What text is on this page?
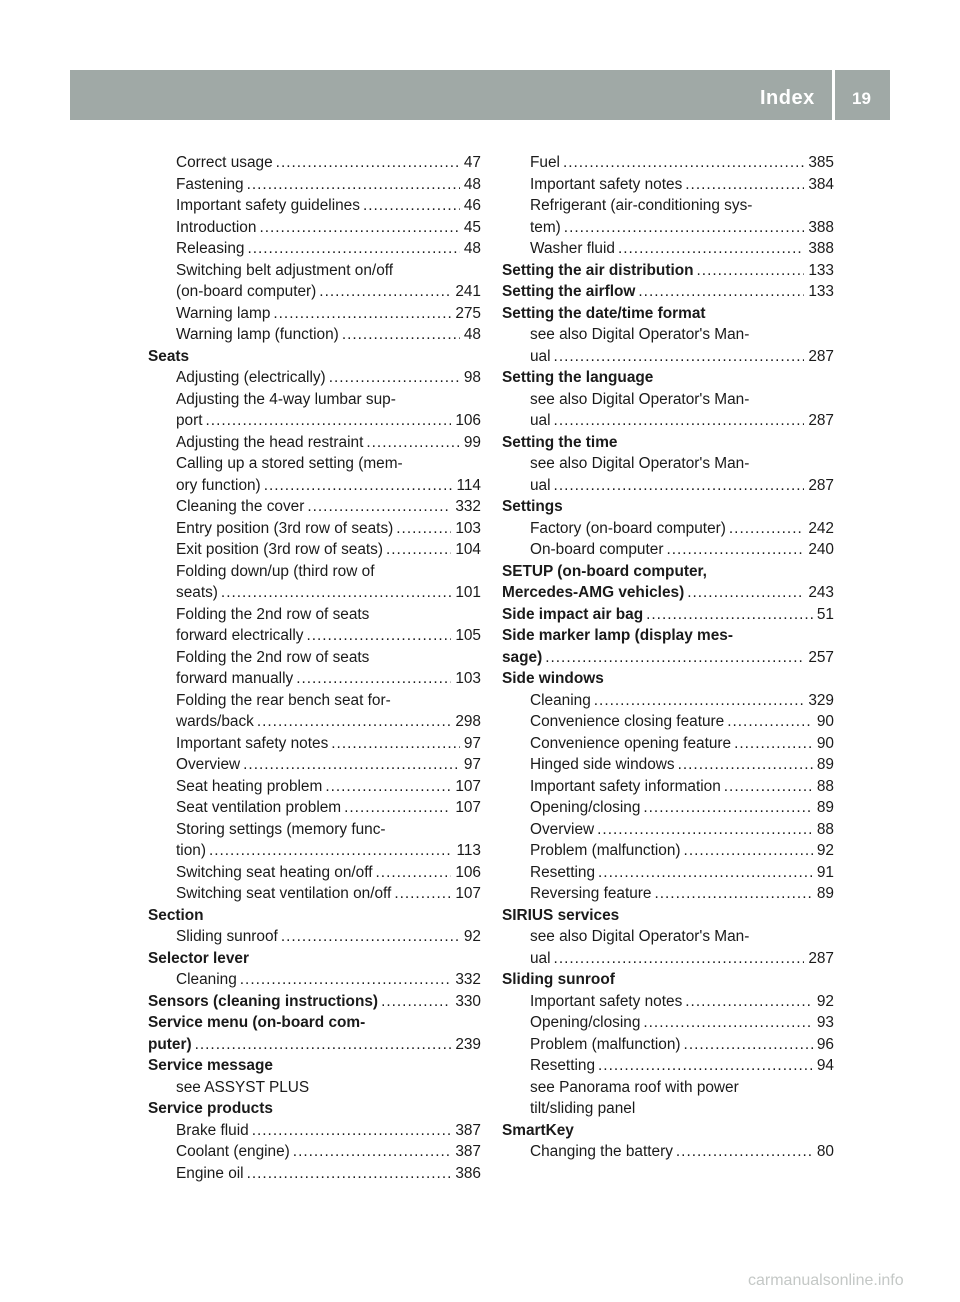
Index 19
Correct usage .....	47
Fastening .....	48
Important safety guidelines .....	46
Introduction .....	45
Releasing .....	48
Switching belt adjustment on/off
(on-board computer) .....	241
Warning lamp .....	275
Warning lamp (function) .....	48
Seats
Adjusting (electrically) .....	98
Adjusting the 4-way lumbar sup-
port .....	106
Adjusting the head restraint .....	99
Calling up a stored setting (mem-
ory function) .....	114
Cleaning the cover .....	332
Entry position (3rd row of seats) .....	103
Exit position (3rd row of seats) .....	104
Folding down/up (third row of
seats) .....	101
Folding the 2nd row of seats
forward electrically .....	105
Folding the 2nd row of seats
forward manually .....	103
Folding the rear bench seat for-
wards/back .....	298
Important safety notes .....	97
Overview .....	97
Seat heating problem .....	107
Seat ventilation problem .....	107
Storing settings (memory func-
tion) .....	113
Switching seat heating on/off .....	106
Switching seat ventilation on/off .....	107
Section
Sliding sunroof .....	92
Selector lever
Cleaning .....	332
Sensors (cleaning instructions) .....	330
Service menu (on-board com-
puter) .....	239
Service message
see ASSYST PLUS
Service products
Brake fluid .....	387
Coolant (engine) .....	387
Engine oil .....	386
Fuel .....	385
Important safety notes .....	384
Refrigerant (air-conditioning sys-
tem) .....	388
Washer fluid .....	388
Setting the air distribution .....	133
Setting the airflow .....	133
Setting the date/time format
see also Digital Operator's Man-
ual .....	287
Setting the language
see also Digital Operator's Man-
ual .....	287
Setting the time
see also Digital Operator's Man-
ual .....	287
Settings
Factory (on-board computer) .....	242
On-board computer .....	240
SETUP (on-board computer,
Mercedes-AMG vehicles) .....	243
Side impact air bag .....	51
Side marker lamp (display mes-
sage) .....	257
Side windows
Cleaning .....	329
Convenience closing feature .....	90
Convenience opening feature .....	90
Hinged side windows .....	89
Important safety information .....	88
Opening/closing .....	89
Overview .....	88
Problem (malfunction) .....	92
Resetting .....	91
Reversing feature .....	89
SIRIUS services
see also Digital Operator's Man-
ual .....	287
Sliding sunroof
Important safety notes .....	92
Opening/closing .....	93
Problem (malfunction) .....	96
Resetting .....	94
see Panorama roof with power
tilt/sliding panel
SmartKey
Changing the battery .....	80
carmanualsonline.info
